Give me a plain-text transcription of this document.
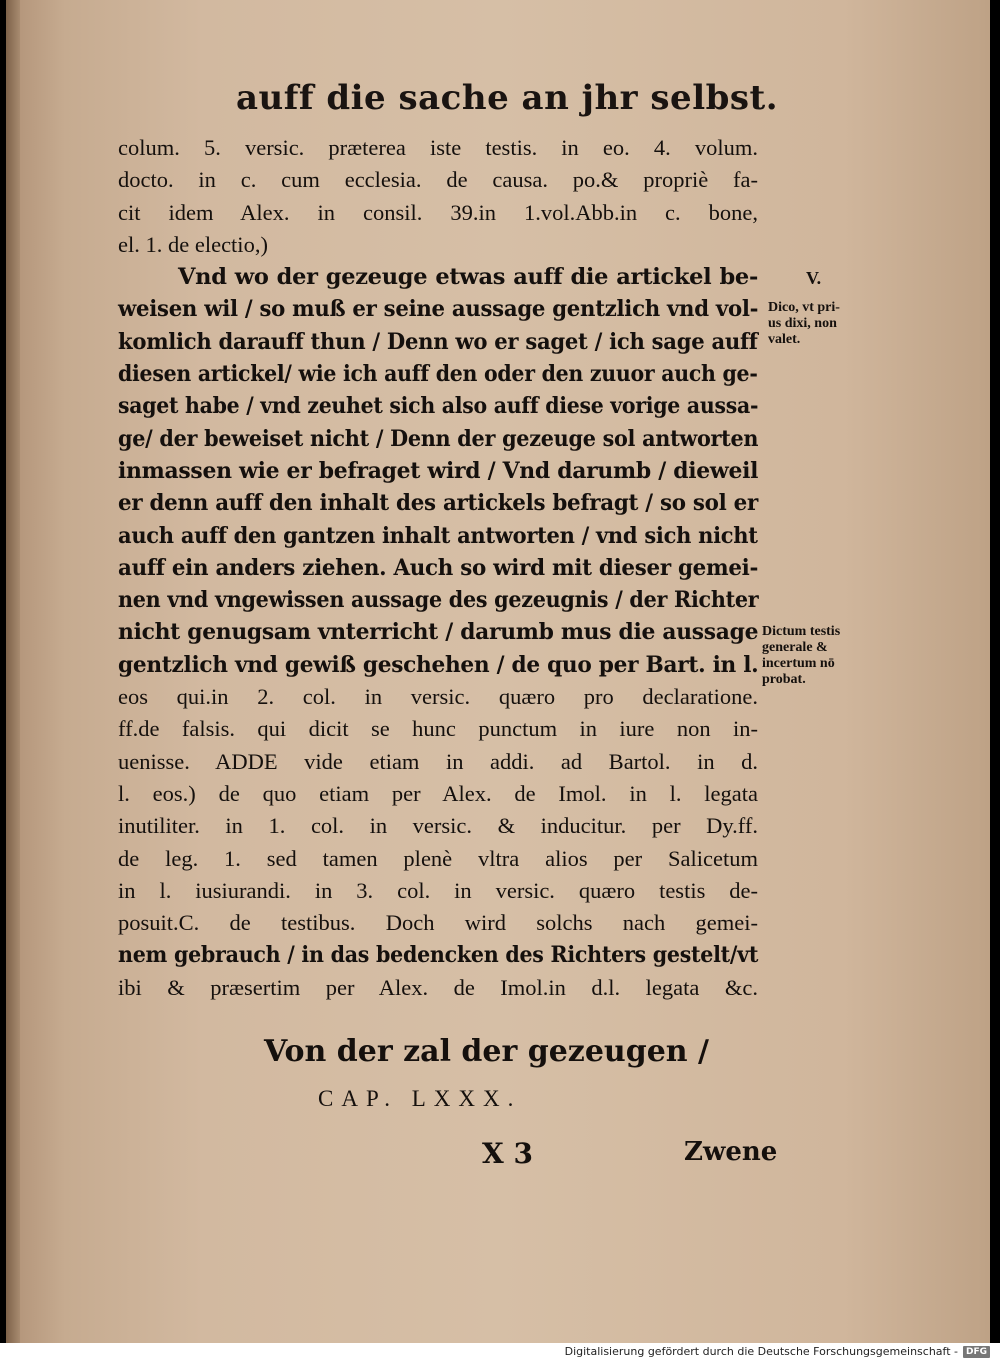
auff die sache an jhr selbst.
colum. 5. versic. præterea iste testis. in eo. 4. volum.
docto. in c. cum ecclesia. de causa. po.& propriè fa-
cit idem Alex. in consil. 39.in 1.vol.Abb.in c. bone,
el. 1. de electio,)
Vnd wo der gezeuge etwas auff die artickel be-
weisen wil / so muß er seine aussage gentzlich vnd vol-
komlich darauff thun / Denn wo er saget / ich sage auff
diesen artickel/ wie ich auff den oder den zuuor auch ge-
saget habe / vnd zeuhet sich also auff diese vorige aussa-
ge/ der beweiset nicht / Denn der gezeuge sol antworten
inmassen wie er befraget wird / Vnd darumb / dieweil
er denn auff den inhalt des artickels befragt / so sol er
auch auff den gantzen inhalt antworten / vnd sich nicht
auff ein anders ziehen. Auch so wird mit dieser gemei-
nen vnd vngewissen aussage des gezeugnis / der Richter
nicht genugsam vnterricht / darumb mus die aussage
gentzlich vnd gewiß geschehen / de quo per Bart. in l.
eos qui.in 2. col. in versic. quæro pro declaratione.
ff.de falsis. qui dicit se hunc punctum in iure non in-
uenisse. ADDE vide etiam in addi. ad Bartol. in d.
l. eos.) de quo etiam per Alex. de Imol. in l. legata
inutiliter. in 1. col. in versic. & inducitur. per Dy.ff.
de leg. 1. sed tamen plenè vltra alios per Salicetum
in l. iusiurandi. in 3. col. in versic. quæro testis de-
posuit.C. de testibus. Doch wird solchs nach gemei-
nem gebrauch / in das bedencken des Richters gestelt/vt
ibi & præsertim per Alex. de Imol.in d.l. legata &c.
V.
Dico, vt pri-
us dixi, non
valet.
Dictum testis
generale &
incertum nō
probat.
Von der zal der gezeugen /
CAP. LXXX.
X 3	Zwene
Digitalisierung gefördert durch die Deutsche Forschungsgemeinschaft - DFG
